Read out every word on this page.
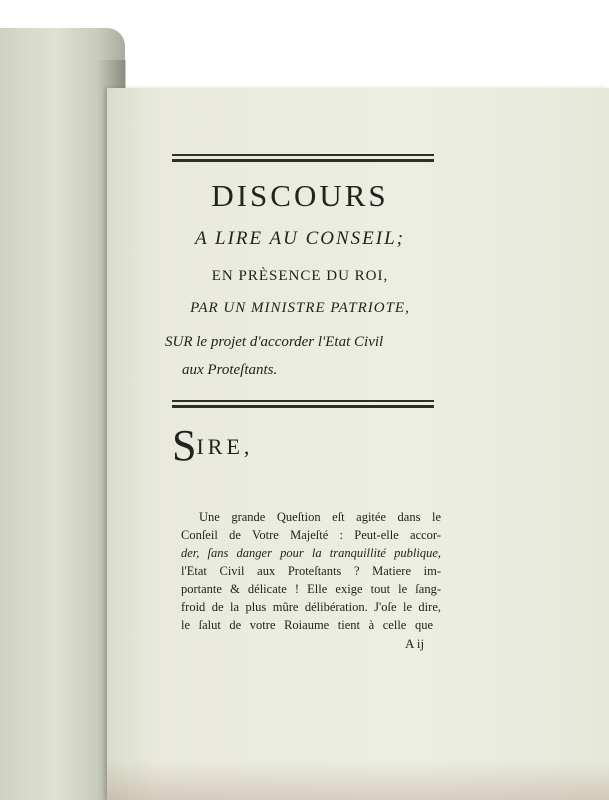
DISCOURS
A LIRE AU CONSEIL;
EN PRÈSENCE DU ROI,
PAR UN MINISTRE PATRIOTE,
SUR le projet d'accorder l'Etat Civil
aux Proteſtants.
SIRE,
Une grande Queſtion eſt agitée dans le
Conſeil de Votre Majeſté : Peut-elle accor-
der, ſans danger pour la tranquillité publique,
l'Etat Civil aux Proteſtants ? Matiere im-
portante & délicate ! Elle exige tout le ſang-
froid de la plus mûre délibération. J'oſe le dire,
le ſalut de votre Roiaume tient à celle que
A ij
